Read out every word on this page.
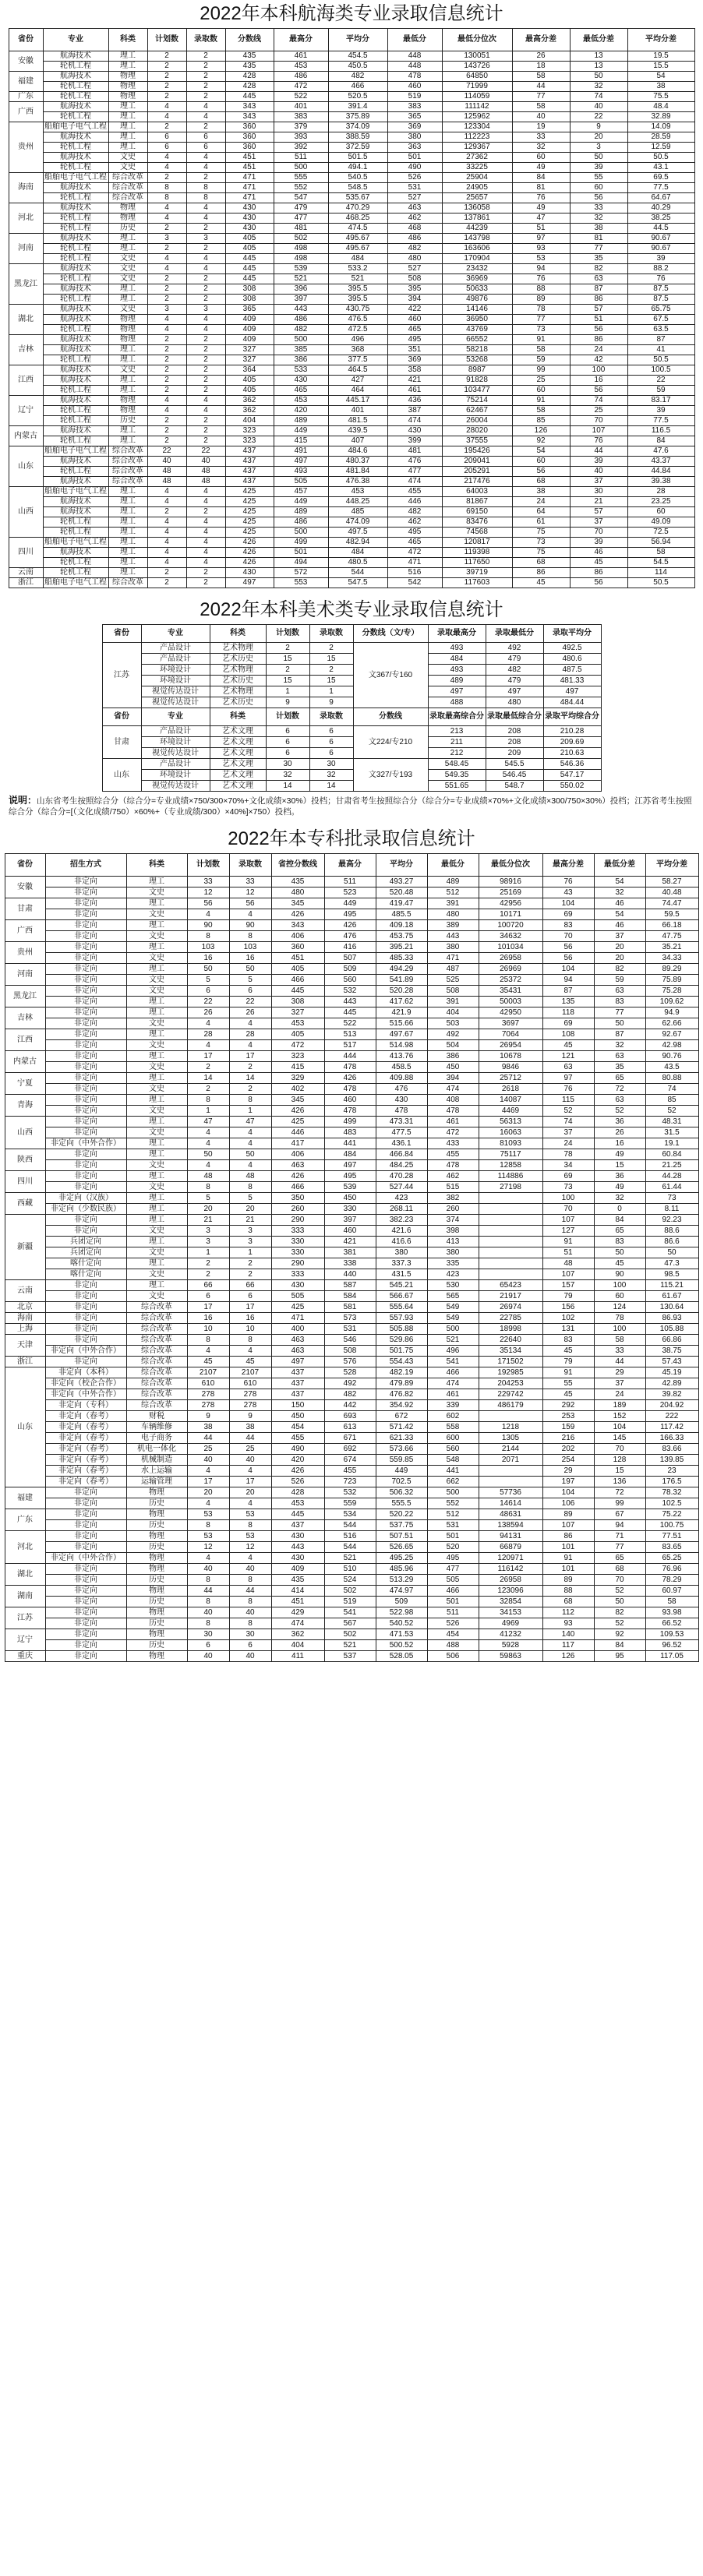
2022年本科航海类专业录取信息统计
省份	专业	科类	计划数	录取数	分数线	最高分	平均分	最低分	最低分位次	最高分差	最低分差	平均分差
安徽	航海技术	理工	2	2	435	461	454.5	448	130051	26	13	19.5
	轮机工程	理工	2	2	435	453	450.5	448	143726	18	13	15.5
福建	航海技术	物理	2	2	428	486	482	478	64850	58	50	54
	轮机工程	物理	2	2	428	472	466	460	71999	44	32	38
广东	轮机工程	物理	2	2	445	522	520.5	519	114059	77	74	75.5
广西	航海技术	理工	4	4	343	401	391.4	383	111142	58	40	48.4
	轮机工程	理工	4	4	343	383	375.89	365	125962	40	22	32.89
贵州	船舶电子电气工程	理工	2	2	360	379	374.09	369	123304	19	9	14.09
	航海技术	理工	6	6	360	393	388.59	380	112223	33	20	28.59
	轮机工程	理工	6	6	360	392	372.59	363	129367	32	3	12.59
	航海技术	文史	4	4	451	511	501.5	501	27362	60	50	50.5
	轮机工程	文史	4	4	451	500	494.1	490	33225	49	39	43.1
海南	船舶电子电气工程	综合改革	2	2	471	555	540.5	526	25904	84	55	69.5
	航海技术	综合改革	8	8	471	552	548.5	531	24905	81	60	77.5
	轮机工程	综合改革	8	8	471	547	535.67	527	25657	76	56	64.67
河北	航海技术	物理	4	4	430	479	470.29	463	136058	49	33	40.29
	轮机工程	物理	4	4	430	477	468.25	462	137861	47	32	38.25
	轮机工程	历史	2	2	430	481	474.5	468	44239	51	38	44.5
河南	航海技术	理工	3	3	405	502	495.67	486	143798	97	81	90.67
	轮机工程	理工	2	2	405	498	495.67	482	163606	93	77	90.67
	轮机工程	文史	4	4	445	498	484	480	170904	53	35	39
黑龙江	航海技术	文史	4	4	445	539	533.2	527	23432	94	82	88.2
	轮机工程	文史	2	2	445	521	521	508	36969	76	63	76
	航海技术	理工	2	2	308	396	395.5	395	50633	88	87	87.5
	轮机工程	理工	2	2	308	397	395.5	394	49876	89	86	87.5
湖北	航海技术	文史	3	3	365	443	430.75	422	14146	78	57	65.75
	航海技术	物理	4	4	409	486	476.5	460	36950	77	51	67.5
	轮机工程	物理	4	4	409	482	472.5	465	43769	73	56	63.5
吉林	航海技术	物理	2	2	409	500	496	495	66552	91	86	87
	航海技术	理工	2	2	327	385	368	351	58218	58	24	41
	轮机工程	理工	2	2	327	386	377.5	369	53268	59	42	50.5
江西	航海技术	文史	2	2	364	533	464.5	358	8987	99	100	100.5
	航海技术	理工	2	2	405	430	427	421	91828	25	16	22
	轮机工程	理工	2	2	405	465	464	461	103477	60	56	59
辽宁	航海技术	物理	4	4	362	453	445.17	436	75214	91	74	83.17
	轮机工程	物理	4	4	362	420	401	387	62467	58	25	39
	轮机工程	历史	2	2	404	489	481.5	474	26004	85	70	77.5
内蒙古	航海技术	理工	2	2	323	449	439.5	430	28020	126	107	116.5
	轮机工程	理工	2	2	323	415	407	399	37555	92	76	84
山东	船舶电子电气工程	综合改革	22	22	437	491	484.6	481	195426	54	44	47.6
	航海技术	综合改革	40	40	437	497	480.37	476	209041	60	39	43.37
	轮机工程	综合改革	48	48	437	493	481.84	477	205291	56	40	44.84
	航海技术	综合改革	48	48	437	505	476.38	474	217476	68	37	39.38
山西	船舶电子电气工程	理工	4	4	425	457	453	455	64003	38	30	28
	航海技术	理工	4	4	425	449	448.25	446	81867	24	21	23.25
	航海技术	理工	2	2	425	489	485	482	69150	64	57	60
	轮机工程	理工	4	4	425	486	474.09	462	83476	61	37	49.09
	轮机工程	理工	4	4	425	500	497.5	495	74568	75	70	72.5
四川	船舶电子电气工程	理工	4	4	426	499	482.94	465	120817	73	39	56.94
	航海技术	理工	4	4	426	501	484	472	119398	75	46	58
	轮机工程	理工	4	4	426	494	480.5	471	117650	68	45	54.5
云南	轮机工程	理工	2	2	430	572	544	516	39719	86	86	114
浙江	船舶电子电气工程	综合改革	2	2	497	553	547.5	542	117603	45	56	50.5
2022年本科美术类专业录取信息统计
省份	专业	科类	计划数	录取数	分数线（文/专）	录取最高分	录取最低分	录取平均分
江苏	产品设计	艺术物理	2	2	文367/专160	493	492	492.5
	产品设计	艺术历史	15	15		484	479	480.6
	环境设计	艺术物理	2	2		493	482	487.5
	环境设计	艺术历史	15	15		489	479	481.33
	视觉传达设计	艺术物理	1	1		497	497	497
	视觉传达设计	艺术历史	9	9		488	480	484.44
省份	专业	科类	计划数	录取数	分数线	录取最高综合分	录取最低综合分	录取平均综合分
甘肃	产品设计	艺术文理	6	6	文224/专210	213	208	210.28
	环境设计	艺术文理	6	6		211	208	209.69
	视觉传达设计	艺术文理	6	6		212	209	210.63
山东	产品设计	艺术文理	30	30	文327/专193	548.45	545.5	546.36
	环境设计	艺术文理	32	32		549.35	546.45	547.17
	视觉传达设计	艺术文理	14	14		551.65	548.7	550.02
说明：山东省考生按照综合分（综合分=专业成绩×750/300×70%+文化成绩×30%）投档；甘肃省考生按照综合分（综合分=专业成绩×70%+文化成绩×300/750×30%）投档；江苏省考生按照综合分（综合分=[（文化成绩/750）×60%+（专业成绩/300）×40%]×750）投档。
2022年本专科批录取信息统计
省份	招生方式	科类	计划数	录取数	省控分数线	最高分	平均分	最低分	最低分位次	最高分差	最低分差	平均分差
安徽	非定向	理工	33	33	435	511	493.27	489	98916	76	54	58.27
	非定向	文史	12	12	480	523	520.48	512	25169	43	32	40.48
甘肃	非定向	理工	56	56	345	449	419.47	391	42956	104	46	74.47
	非定向	文史	4	4	426	495	485.5	480	10171	69	54	59.5
广西	非定向	理工	90	90	343	426	409.18	389	100720	83	46	66.18
	非定向	文史	8	8	406	476	453.75	443	34632	70	37	47.75
贵州	非定向	理工	103	103	360	416	395.21	380	101034	56	20	35.21
	非定向	文史	16	16	451	507	485.33	471	26958	56	20	34.33
河南	非定向	理工	50	50	405	509	494.29	487	26969	104	82	89.29
	非定向	文史	5	5	466	560	541.89	525	25372	94	59	75.89
黑龙江	非定向	文史	6	6	445	532	520.28	508	35431	87	63	75.28
	非定向	理工	22	22	308	443	417.62	391	50003	135	83	109.62
吉林	非定向	理工	26	26	327	445	421.9	404	42950	118	77	94.9
	非定向	文史	4	4	453	522	515.66	503	3697	69	50	62.66
江西	非定向	理工	28	28	405	513	497.67	492	7064	108	87	92.67
	非定向	文史	4	4	472	517	514.98	504	26954	45	32	42.98
内蒙古	非定向	理工	17	17	323	444	413.76	386	10678	121	63	90.76
	非定向	文史	2	2	415	478	458.5	450	9846	63	35	43.5
宁夏	非定向	理工	14	14	329	426	409.88	394	25712	97	65	80.88
	非定向	文史	2	2	402	478	476	474	2618	76	72	74
青海	非定向	理工	8	8	345	460	430	408	14087	115	63	85
	非定向	文史	1	1	426	478	478	478	4469	52	52	52
山西	非定向	理工	47	47	425	499	473.31	461	56313	74	36	48.31
	非定向	文史	4	4	446	483	477.5	472	16063	37	26	31.5
	非定向（中外合作）	理工	4	4	417	441	436.1	433	81093	24	16	19.1
陕西	非定向	理工	50	50	406	484	466.84	455	75117	78	49	60.84
	非定向	文史	4	4	463	497	484.25	478	12858	34	15	21.25
四川	非定向	理工	48	48	426	495	470.28	462	114886	69	36	44.28
	非定向	文史	8	8	466	539	527.44	515	27198	73	49	61.44
西藏	非定向（汉族）	理工	5	5	350	450	423	382		100	32	73
	非定向（少数民族）	理工	20	20	260	330	268.11	260		70	0	8.11
新疆	非定向	理工	21	21	290	397	382.23	374		107	84	92.23
	非定向	文史	3	3	333	460	421.6	398		127	65	88.6
	兵团定向	理工	3	3	330	421	416.6	413		91	83	86.6
	兵团定向	文史	1	1	330	381	380	380		51	50	50
	喀什定向	理工	2	2	290	338	337.3	335		48	45	47.3
	喀什定向	文史	2	2	333	440	431.5	423		107	90	98.5
云南	非定向	理工	66	66	430	587	545.21	530	65423	157	100	115.21
	非定向	文史	6	6	505	584	566.67	565	21917	79	60	61.67
北京	非定向	综合改革	17	17	425	581	555.64	549	26974	156	124	130.64
海南	非定向	综合改革	16	16	471	573	557.93	549	22785	102	78	86.93
上海	非定向	综合改革	10	10	400	531	505.88	500	18998	131	100	105.88
天津	非定向	综合改革	8	8	463	546	529.86	521	22640	83	58	66.86
	非定向（中外合作）	综合改革	4	4	463	508	501.75	496	35134	45	33	38.75
浙江	非定向	综合改革	45	45	497	576	554.43	541	171502	79	44	57.43
山东	非定向（本科）	综合改革	2107	2107	437	528	482.19	466	192985	91	29	45.19
	非定向（校企合作）	综合改革	610	610	437	492	479.89	474	204253	55	37	42.89
	非定向（中外合作）	综合改革	278	278	437	482	476.82	461	229742	45	24	39.82
	非定向（专科）	综合改革	278	278	150	442	354.92	339	486179	292	189	204.92
	非定向（春考）	财税	9	9	450	693	672	602		253	152	222
	非定向（春考）	车辆维修	38	38	454	613	571.42	558	1218	159	104	117.42
	非定向（春考）	电子商务	44	44	455	671	621.33	600	1305	216	145	166.33
	非定向（春考）	机电一体化	25	25	490	692	573.66	560	2144	202	70	83.66
	非定向（春考）	机械制造	40	40	420	674	559.85	548	2071	254	128	139.85
	非定向（春考）	水上运输	4	4	426	455	449	441		29	15	23
	非定向（春考）	运输管理	17	17	526	723	702.5	662		197	136	176.5
福建	非定向	物理	20	20	428	532	506.32	500	57736	104	72	78.32
	非定向	历史	4	4	453	559	555.5	552	14614	106	99	102.5
广东	非定向	物理	53	53	445	534	520.22	512	48631	89	67	75.22
	非定向	历史	8	8	437	544	537.75	531	138594	107	94	100.75
河北	非定向	物理	53	53	430	516	507.51	501	94131	86	71	77.51
	非定向	历史	12	12	443	544	526.65	520	66879	101	77	83.65
	非定向（中外合作）	物理	4	4	430	521	495.25	495	120971	91	65	65.25
湖北	非定向	物理	40	40	409	510	485.96	477	116142	101	68	76.96
	非定向	历史	8	8	435	524	513.29	505	26958	89	70	78.29
湖南	非定向	物理	44	44	414	502	474.97	466	123096	88	52	60.97
	非定向	历史	8	8	451	519	509	501	32854	68	50	58
江苏	非定向	物理	40	40	429	541	522.98	511	34153	112	82	93.98
	非定向	历史	8	8	474	567	540.52	526	4969	93	52	66.52
辽宁	非定向	物理	30	30	362	502	471.53	454	41232	140	92	109.53
	非定向	历史	6	6	404	521	500.52	488	5928	117	84	96.52
重庆	非定向	物理	40	40	411	537	528.05	506	59863	126	95	117.05
